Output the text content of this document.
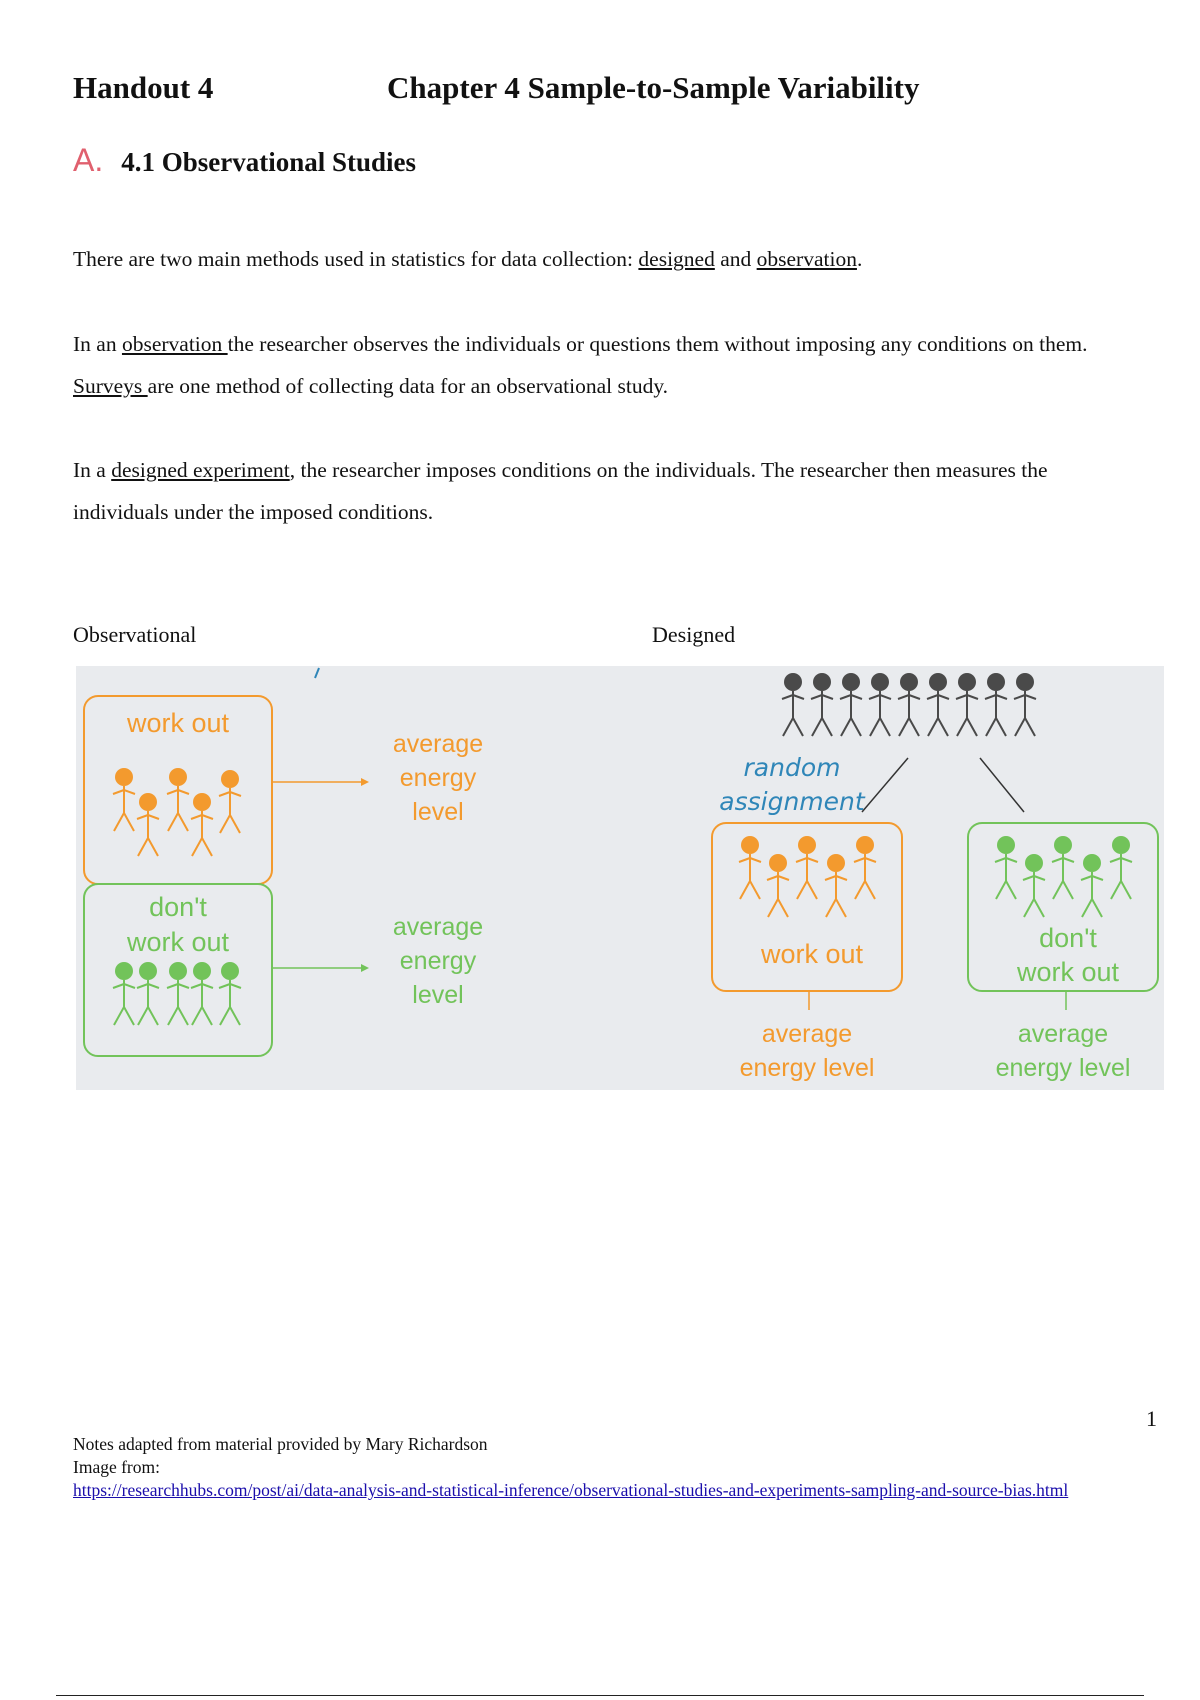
Handout 4	Chapter 4 Sample-to-Sample Variability
A. 4.1 Observational Studies
There are two main methods used in statistics for data collection: designed and observation.
In an observation the researcher observes the individuals or questions them without imposing any conditions on them. Surveys are one method of collecting data for an observational study.
In a designed experiment, the researcher imposes conditions on the individuals. The researcher then measures the individuals under the imposed conditions.
Observational	Designed
work out
average
energy
level
don't
work out	average
energy
level
random
assignment
work out
average
energy level
don't
work out
average
energy level
1
Notes adapted from material provided by Mary Richardson
Image from:
https://researchhubs.com/post/ai/data-analysis-and-statistical-inference/observational-studies-and-experiments-sampling-and-source-bias.html
